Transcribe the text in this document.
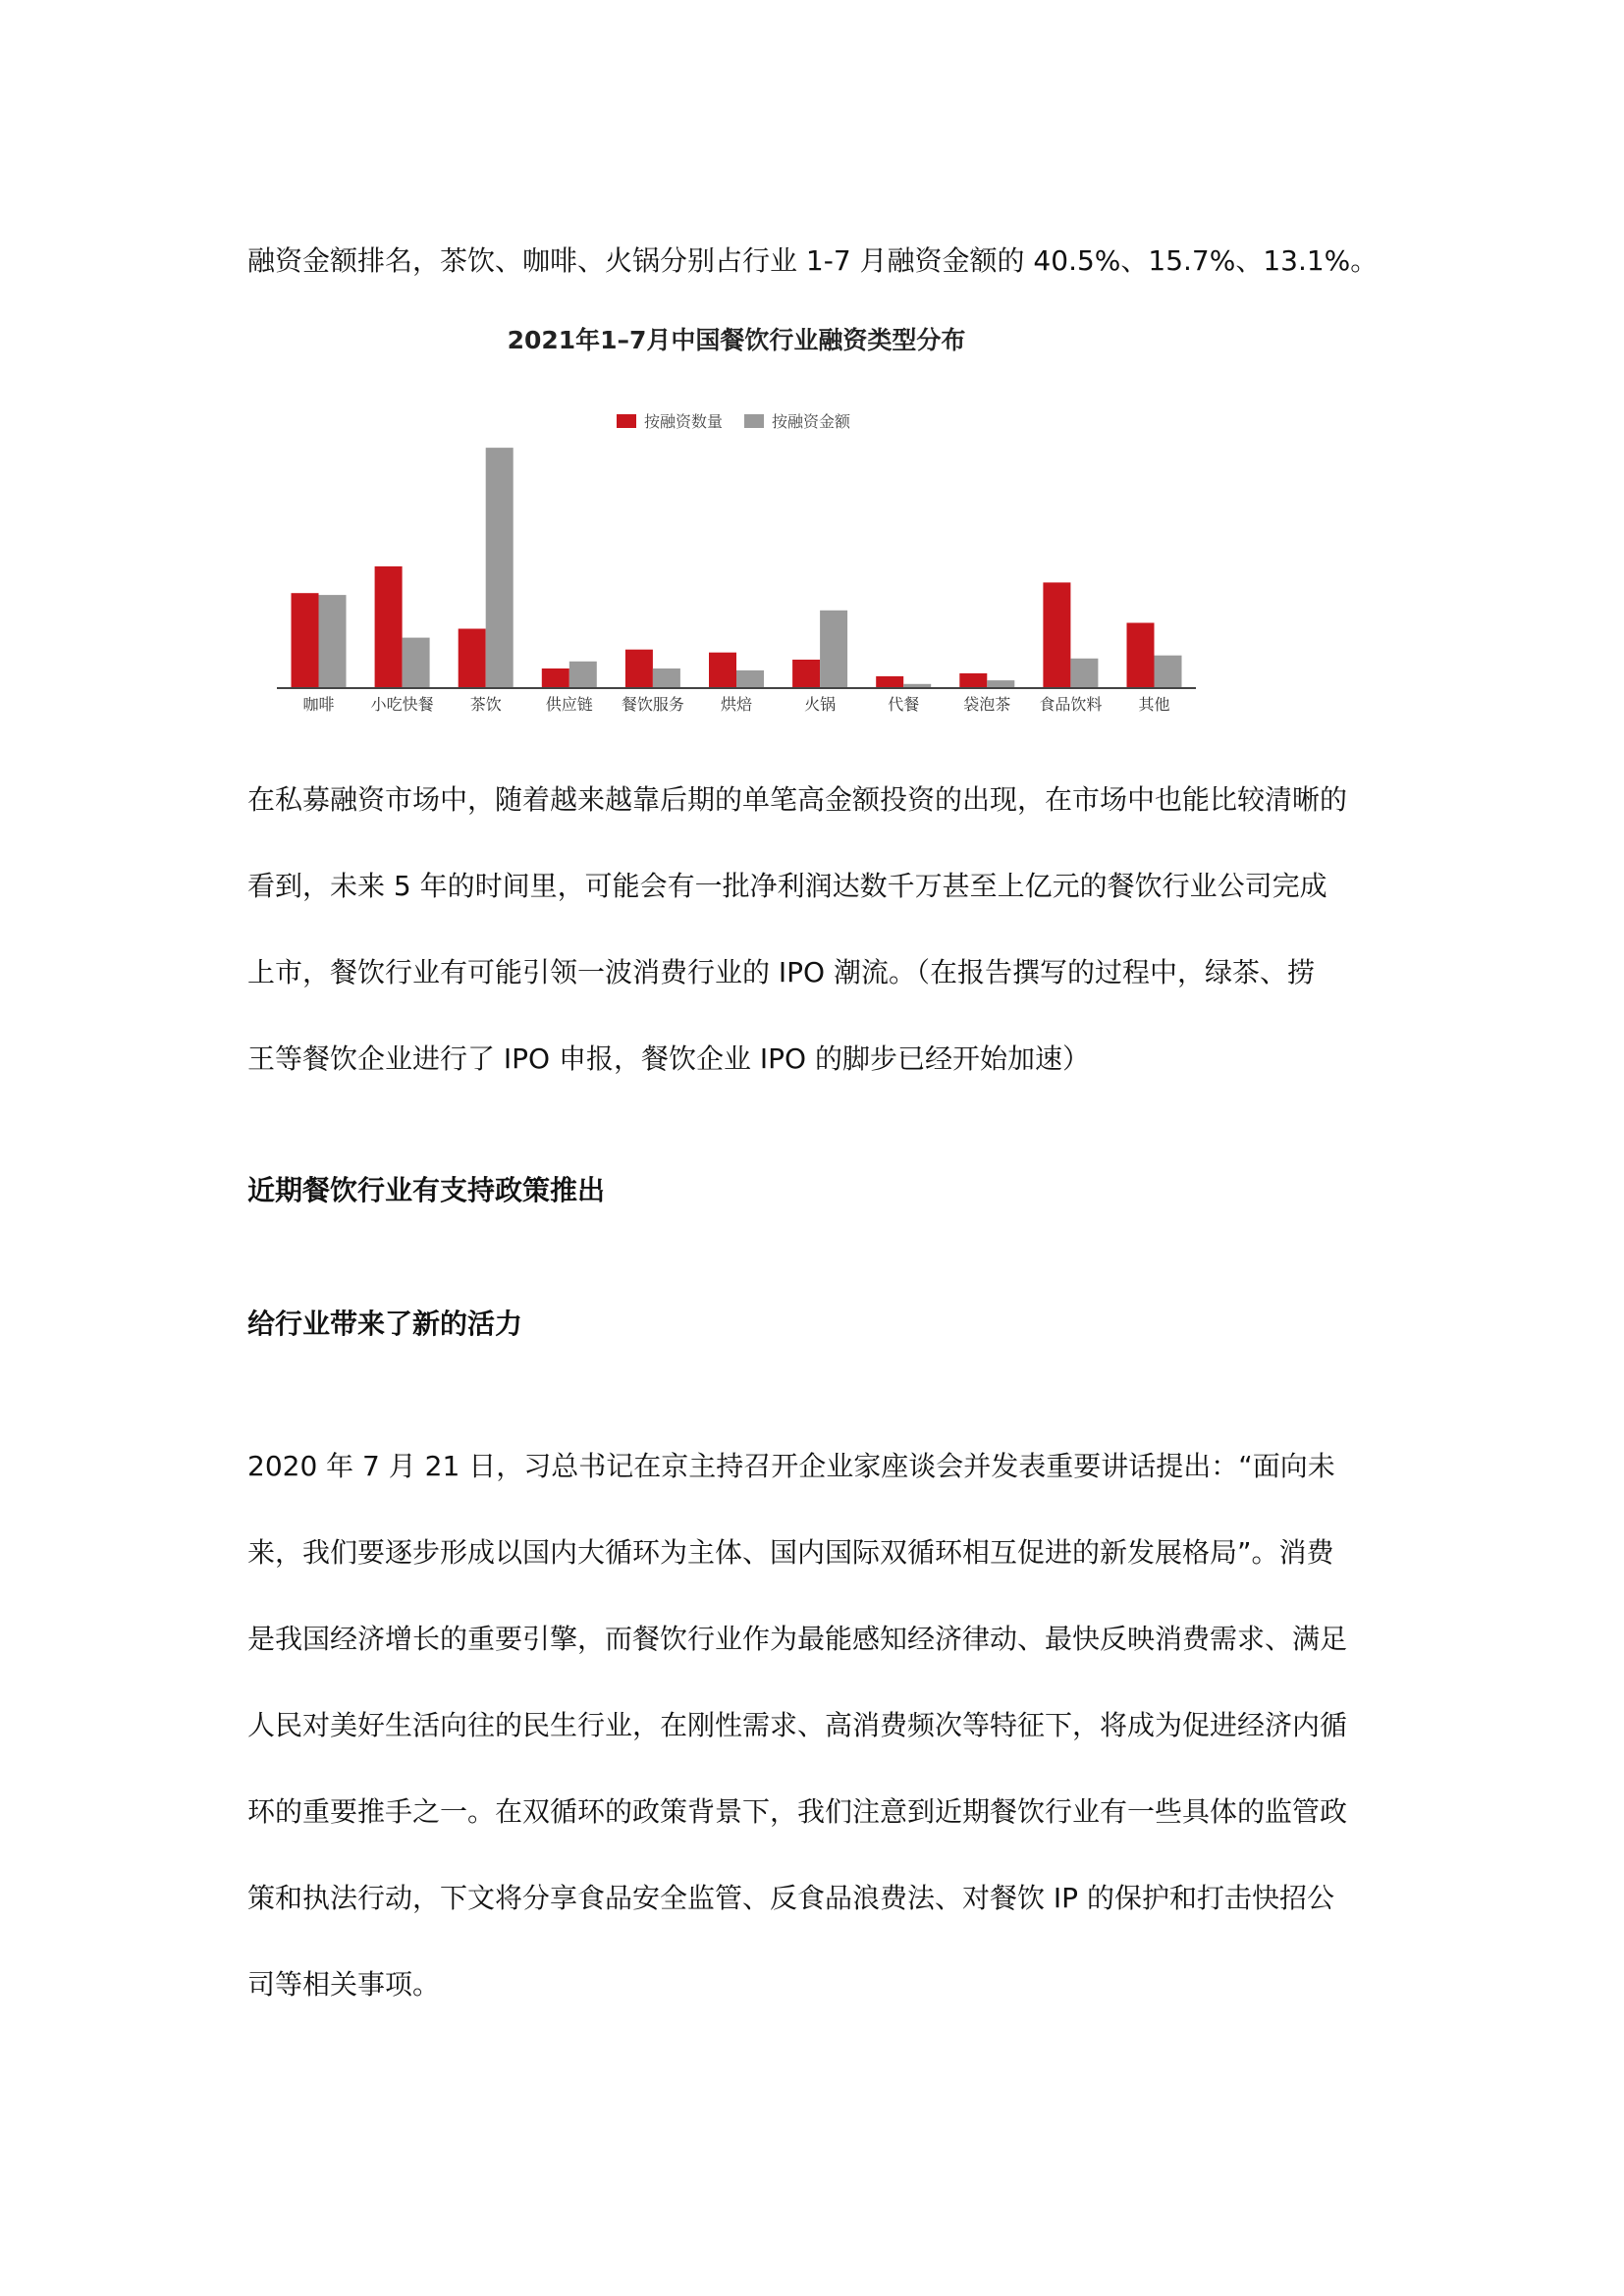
融资金额排名，茶饮、咖啡、火锅分别占行业 1-7 月融资金额的 40.5%、15.7%、13.1%。
2021年1–7月中国餐饮行业融资类型分布
按融资数量	按融资金额
咖啡 小吃快餐 茶饮	供应链 餐饮服务 烘焙	火锅	代餐	袋泡茶 食品饮料 其他
在私募融资市场中，随着越来越靠后期的单笔高金额投资的出现，在市场中也能比较清晰的
看到，未来 5 年的时间里，可能会有一批净利润达数千万甚至上亿元的餐饮行业公司完成
上市，餐饮行业有可能引领一波消费行业的 IPO 潮流。（在报告撰写的过程中，绿茶、捞
王等餐饮企业进行了 IPO 申报，餐饮企业 IPO 的脚步已经开始加速）

近期餐饮行业有支持政策推出

给行业带来了新的活力

2020 年 7 月 21 日，习总书记在京主持召开企业家座谈会并发表重要讲话提出：“面向未
来，我们要逐步形成以国内大循环为主体、国内国际双循环相互促进的新发展格局”。消费
是我国经济增长的重要引擎，而餐饮行业作为最能感知经济律动、最快反映消费需求、满足
人民对美好生活向往的民生行业，在刚性需求、高消费频次等特征下，将成为促进经济内循
环的重要推手之一。在双循环的政策背景下，我们注意到近期餐饮行业有一些具体的监管政
策和执法行动，下文将分享食品安全监管、反食品浪费法、对餐饮 IP 的保护和打击快招公
司等相关事项。
